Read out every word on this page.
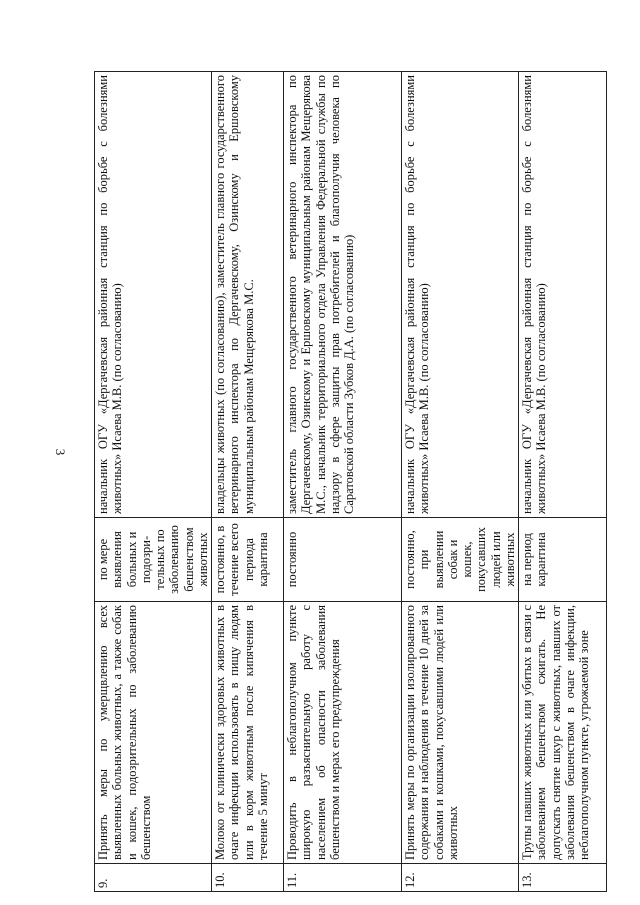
3
9.	Принять меры по умерщвлению всех выявленных больных животных, а также собак и кошек, подозрительных по заболеванию бешенством	по мере выявления больных и подозри-тельных по заболеванию бешенством животных	начальник ОГУ «Дергачевская районная станция по борьбе с болезнями животных» Исаева М.В. (по согласованию)
10.	Молоко от клинически здоровых животных в очаге инфекции использовать в пищу людям или в корм животным после кипячения в течение 5 минут	постоянно, в течение всего периода карантина	владельцы животных (по согласованию), заместитель главного государственного ветеринарного инспектора по Дергачевскому, Озинскому и Ершовскому муниципальным районам Мещерякова М.С.
11.	Проводить в неблагополучном пункте широкую разъяснительную работу с населением об опасности заболевания бешенством и мерах его предупреждения	постоянно	заместитель главного государственного ветеринарного инспектора по Дергачевскому, Озинскому и Ершовскому муниципальным районам Мещерякова М.С., начальник территориального отдела Управления Федеральной службы по надзору в сфере защиты прав потребителей и благополучия человека по Саратовской области Зубков Д.А. (по согласованию)
12.	Принять меры по организации изолированного содержания и наблюдения в течение 10 дней за собаками и кошками, покусавшими людей или животных	постоянно, при выявлении собак и кошек, покусавших людей или животных	начальник ОГУ «Дергачевская районная станция по борьбе с болезнями животных» Исаева М.В. (по согласованию)
13.	Трупы павших животных или убитых в связи с заболеванием бешенством сжигать. Не допускать снятие шкур с животных, павших от заболевания бешенством в очаге инфекции, неблагополучном пункте, угрожаемой зоне	на период карантина	начальник ОГУ «Дергачевская районная станция по борьбе с болезнями животных» Исаева М.В. (по согласованию)
